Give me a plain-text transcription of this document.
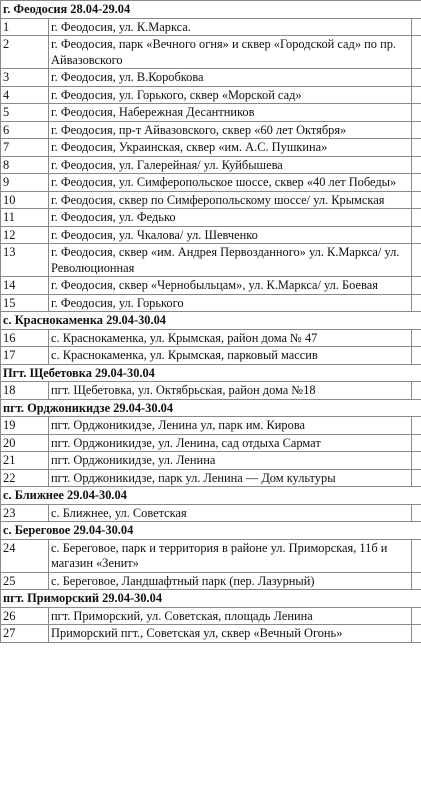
г. Феодосия 28.04-29.04		
1	г. Феодосия, ул. К.Маркса.	
2	г. Феодосия, парк «Вечного огня» и сквер «Городской сад» по пр. Айвазовского	
3	г. Феодосия, ул. В.Коробкова	
4	г. Феодосия, ул. Горького, сквер «Морской сад»	
5	г. Феодосия, Набережная Десантников	
6	г. Феодосия, пр-т Айвазовского, сквер «60 лет Октября»	
7	г. Феодосия, Украинская, сквер «им. А.С. Пушкина»	
8	г. Феодосия, ул. Галерейная/ ул. Куйбышева	
9	г. Феодосия, ул. Симферопольское шоссе, сквер «40 лет Победы»	
10	г. Феодосия, сквер по Симферопольскому шоссе/ ул. Крымская	
11	г. Феодосия, ул. Федько	
12	г. Феодосия, ул. Чкалова/ ул. Шевченко	
13	г. Феодосия, сквер «им. Андрея Первозданного» ул. К.Маркса/ ул. Революционная	
14	г. Феодосия, сквер «Чернобыльцам», ул. К.Маркса/ ул. Боевая	
15	г. Феодосия, ул. Горького	
с. Краснокаменка 29.04-30.04		
16	с. Краснокаменка, ул. Крымская, район дома № 47	
17	с. Краснокаменка, ул. Крымская, парковый массив	
Пгт. Щебетовка 29.04-30.04		
18	пгт. Щебетовка, ул. Октябрьская, район дома №18	
пгт. Орджоникидзе 29.04-30.04		
19	пгт. Орджоникидзе, Ленина ул, парк им. Кирова	
20	пгт. Орджоникидзе, ул. Ленина, сад отдыха Сармат	
21	пгт. Орджоникидзе, ул. Ленина	
22	пгт. Орджоникидзе, парк ул. Ленина — Дом культуры	
с. Ближнее 29.04-30.04		
23	с. Ближнее, ул. Советская	
с. Береговое 29.04-30.04		
24	с. Береговое, парк и территория в районе ул. Приморская, 11б и магазин «Зенит»	
25	с. Береговое, Ландшафтный парк (пер. Лазурный)	
пгт. Приморский 29.04-30.04		
26	пгт. Приморский, ул. Советская, площадь Ленина	
27	Приморский пгт., Советская ул, сквер «Вечный Огонь»	
